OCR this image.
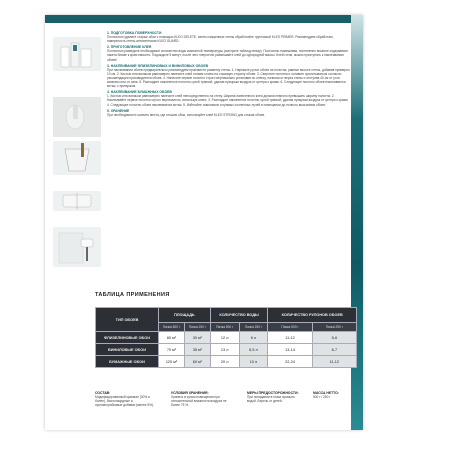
1. ПОДГОТОВКА ПОВЕРХНОСТИ

Полностью удалите старые обои с помощью KLEO DELETE, затем очищенные стены обработайте грунтовкой KLEO PRIMER. Рекомендуем обработать поверхность стены антисептиком KLEO GUARD.

2. ПРИГОТОВЛЕНИЕ КЛЕЯ

Полностью разведите необходимое количество воды комнатной температуры (смотрите таблицу внизу). Постоянно помешивая, постепенно всыпьте содержимое пакета ближе к краю емкости. Подождите 5 минут, после чего энергично размешайте клей до однородной массы. Клей готов, можно приступать к наклеиванию обоев!

3. НАКЛЕИВАНИЕ ФЛИЗЕЛИНОВЫХ И ВИНИЛОВЫХ ОБОЕВ

При наклеивании обоев предварительно рекомендуем произвести разметку стены. 1. Нарежьте рулон обоев на полотна, равные высоте стены, добавив примерно 10 см. 2. Кистью или валиком равномерно нанесите клей тонким слоем на стыковую сторону обоев. 3. Сверните полотна и оставьте пропитываться согласно рекомендации производителя обоев. 4. Нанесите первое полотно строго вертикально установив по отвесу, начиная от верха стены и отступив 40 см от угла комнаты или от окна. 5. Разгладьте наклеенное полотно сухой тряпкой, удаляя пузырьки воздуха от центра к краям. 6. Следующее полотно обоев наклеивается встык, с припуском.

4. НАКЛЕИВАНИЕ БУМАЖНЫХ ОБОЕВ

1. Кистью или валиком равномерно нанесите клей непосредственно на стену. Ширина нанесенного клея должна немного превышать ширину полотна. 2. Наклеивайте первое полотно строго вертикально, используя отвес. 3. Разгладьте наклеенное полотно сухой тряпкой, удаляя пузырьки воздуха от центра к краям. 4. Следующее полотно обоев наклеивается встык. 5. Избегайте сквозняков и прямых солнечных лучей в помещении до полного высыхания обоев.

5. ХРАНЕНИЕ

При необходимости оклеить места, где отошли обои, используйте клей KLEO STRONG для стыков обоев.

ТАБЛИЦА ПРИМЕНЕНИЯ
ТИП ОБОЕВ	ПЛОЩАДЬ		КОЛИЧЕСТВО ВОДЫ		КОЛИЧЕСТВО РУЛОНОВ ОБОЕВ	
	Пачка 500 г	Пачка 250 г	Пачка 500 г	Пачка 250 г	Пачка 500 г	Пачка 250 г
ФЛИЗЕЛИНОВЫЕ ОБОИ	60 м²	30 м²	12 л	6 л	11-12	5-6
ВИНИЛОВЫЕ ОБОИ	70 м²	35 м²	13 л	6,5 л	13-14	6-7
БУМАЖНЫЕ ОБОИ	120 м²	60 м²	20 л	10 л	22-24	11-12
СОСТАВ:
Модифицированный крахмал (30% и более), биологицидные и противогрибковые добавки (менее 5%).
УСЛОВИЯ ХРАНЕНИЯ:
Хранить в сухом помещении при относительной влажности воздуха не более 75 %.
МЕРЫ ПРЕДОСТОРОЖНОСТИ:
При попадании в глаза промыть водой. Беречь от детей.
МАССА НЕТТО:
500 г / 250 г
